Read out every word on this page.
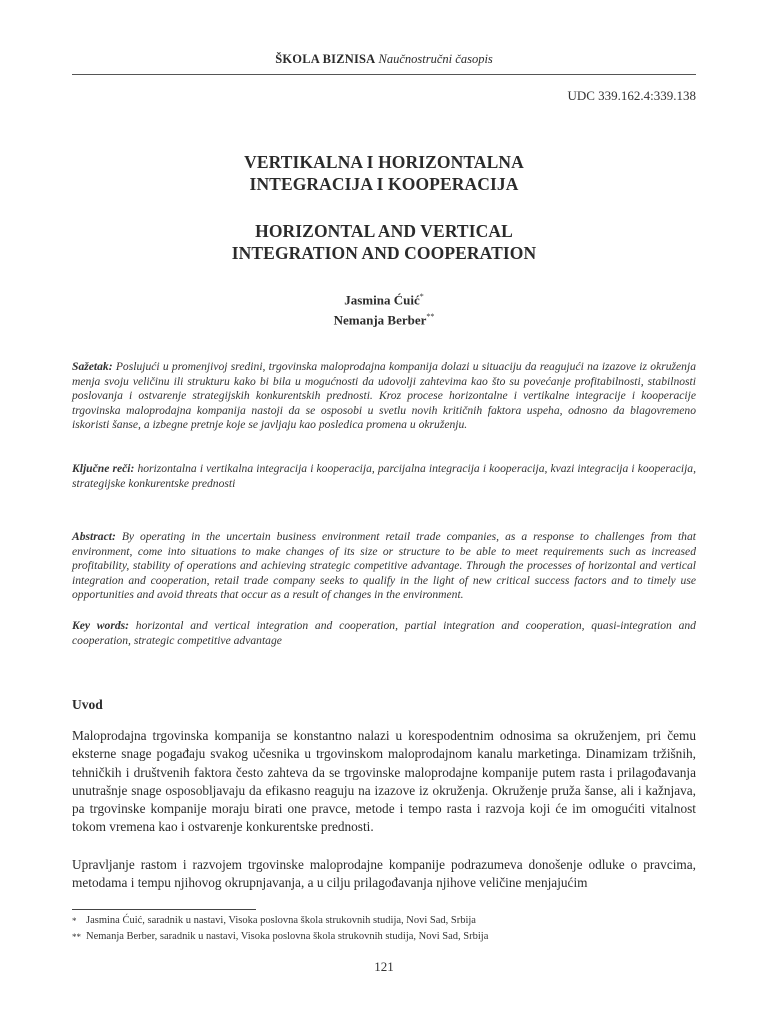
ŠKOLA BIZNISA Naučnostručni časopis
UDC 339.162.4:339.138
VERTIKALNA I HORIZONTALNA
INTEGRACIJA I KOOPERACIJA
HORIZONTAL AND VERTICAL
INTEGRATION AND COOPERATION
Jasmina Ćuić*
Nemanja Berber**
Sažetak: Posluјući u promenjivoj sredini, trgovinska maloprodajna kompanija dolazi u situaciju da reagujući na izazove iz okruženja menja svoju veličinu ili strukturu kako bi bila u mogućnosti da udovolji zahtevima kao što su povećanje profitabilnosti, stabilnosti poslovanja i ostvarenje strategijskih konkurentskih prednosti. Kroz procese horizontalne i vertikalne integracije i kooperacije trgovinska maloprodajna kompanija nastoji da se osposobi u svetlu novih kritičnih faktora uspeha, odnosno da blagovremeno iskoristi šanse, a izbegne pretnje koje se javljaju kao posledica promena u okruženju.
Ključne reči: horizontalna i vertikalna integracija i kooperacija, parcijalna integracija i kooperacija, kvazi integracija i kooperacija, strategijske konkurentske prednosti
Abstract: By operating in the uncertain business environment retail trade companies, as a response to challenges from that environment, come into situations to make changes of its size or structure to be able to meet requirements such as increased profitability, stability of operations and achieving strategic competitive advantage. Through the processes of horizontal and vertical integration and cooperation, retail trade company seeks to qualify in the light of new critical success factors and to timely use opportunities and avoid threats that occur as a result of changes in the environment.
Key words: horizontal and vertical integration and cooperation, partial integration and cooperation, quasi-integration and cooperation, strategic competitive advantage
Uvod
Maloprodajna trgovinska kompanija se konstantno nalazi u korespodentnim odnosima sa okruženjem, pri čemu eksterne snage pogađaju svakog učesnika u trgovinskom maloprodajnom kanalu marketinga. Dinamizam tržišnih, tehničkih i društvenih faktora često zahteva da se trgovinske maloprodajne kompanije putem rasta i prilagođavanja unutrašnje snage osposobljavaju da efikasno reaguju na izazove iz okruženja. Okruženje pruža šanse, ali i kažnjava, pa trgovinske kompanije moraju birati one pravce, metode i tempo rasta i razvoja koji će im omogućiti vitalnost tokom vremena kao i ostvarenje konkurentske prednosti.
Upravljanje rastom i razvojem trgovinske maloprodajne kompanije podrazumeva donošenje odluke o pravcima, metodama i tempu njihovog okrupnjavanja, a u cilju prilagođavanja njihove veličine menjajućim
* Jasmina Ćuić, saradnik u nastavi, Visoka poslovna škola strukovnih studija, Novi Sad, Srbija
** Nemanja Berber, saradnik u nastavi, Visoka poslovna škola strukovnih studija, Novi Sad, Srbija
121
